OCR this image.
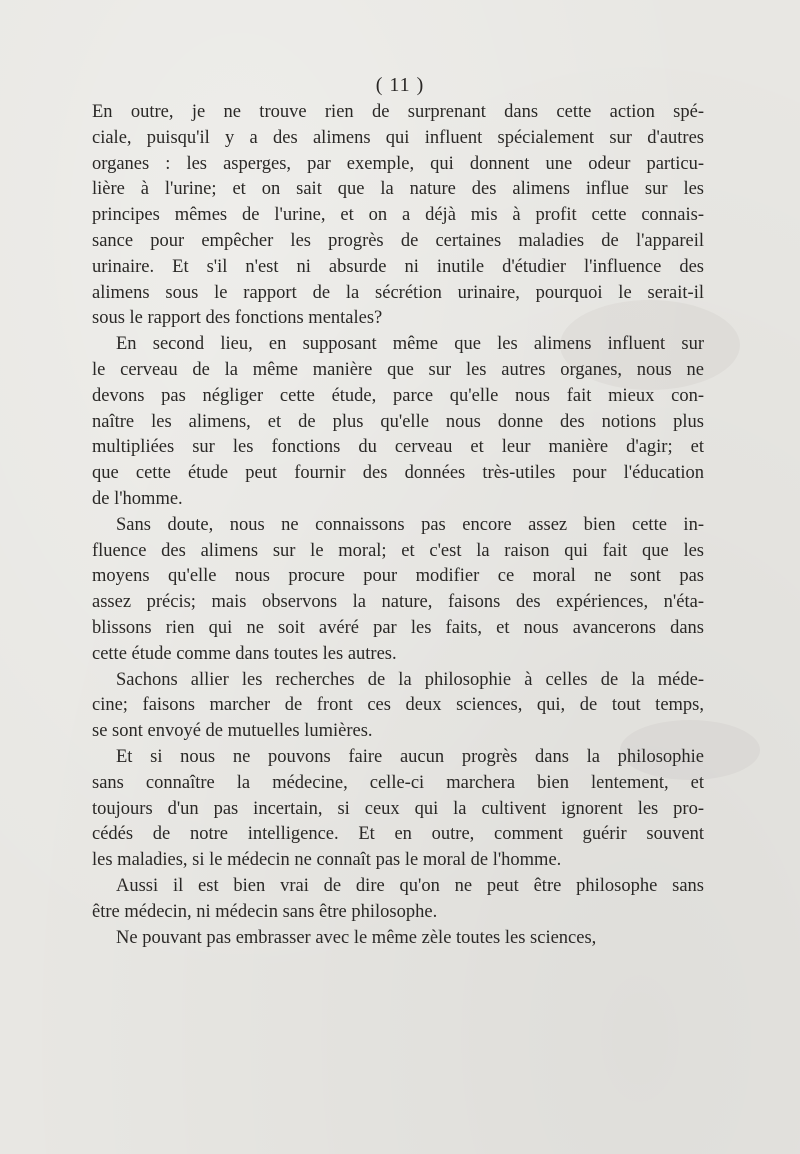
( 11 )
En outre, je ne trouve rien de surprenant dans cette action spé-
ciale, puisqu'il y a des alimens qui influent spécialement sur d'autres
organes : les asperges, par exemple, qui donnent une odeur particu-
lière à l'urine; et on sait que la nature des alimens influe sur les
principes mêmes de l'urine, et on a déjà mis à profit cette connais-
sance pour empêcher les progrès de certaines maladies de l'appareil
urinaire. Et s'il n'est ni absurde ni inutile d'étudier l'influence des
alimens sous le rapport de la sécrétion urinaire, pourquoi le serait-il
sous le rapport des fonctions mentales?
En second lieu, en supposant même que les alimens influent sur
le cerveau de la même manière que sur les autres organes, nous ne
devons pas négliger cette étude, parce qu'elle nous fait mieux con-
naître les alimens, et de plus qu'elle nous donne des notions plus
multipliées sur les fonctions du cerveau et leur manière d'agir; et
que cette étude peut fournir des données très-utiles pour l'éducation
de l'homme.
Sans doute, nous ne connaissons pas encore assez bien cette in-
fluence des alimens sur le moral; et c'est la raison qui fait que les
moyens qu'elle nous procure pour modifier ce moral ne sont pas
assez précis; mais observons la nature, faisons des expériences, n'éta-
blissons rien qui ne soit avéré par les faits, et nous avancerons dans
cette étude comme dans toutes les autres.
Sachons allier les recherches de la philosophie à celles de la méde-
cine; faisons marcher de front ces deux sciences, qui, de tout temps,
se sont envoyé de mutuelles lumières.
Et si nous ne pouvons faire aucun progrès dans la philosophie
sans connaître la médecine, celle-ci marchera bien lentement, et
toujours d'un pas incertain, si ceux qui la cultivent ignorent les pro-
cédés de notre intelligence. Et en outre, comment guérir souvent
les maladies, si le médecin ne connaît pas le moral de l'homme.
Aussi il est bien vrai de dire qu'on ne peut être philosophe sans
être médecin, ni médecin sans être philosophe.
Ne pouvant pas embrasser avec le même zèle toutes les sciences,
